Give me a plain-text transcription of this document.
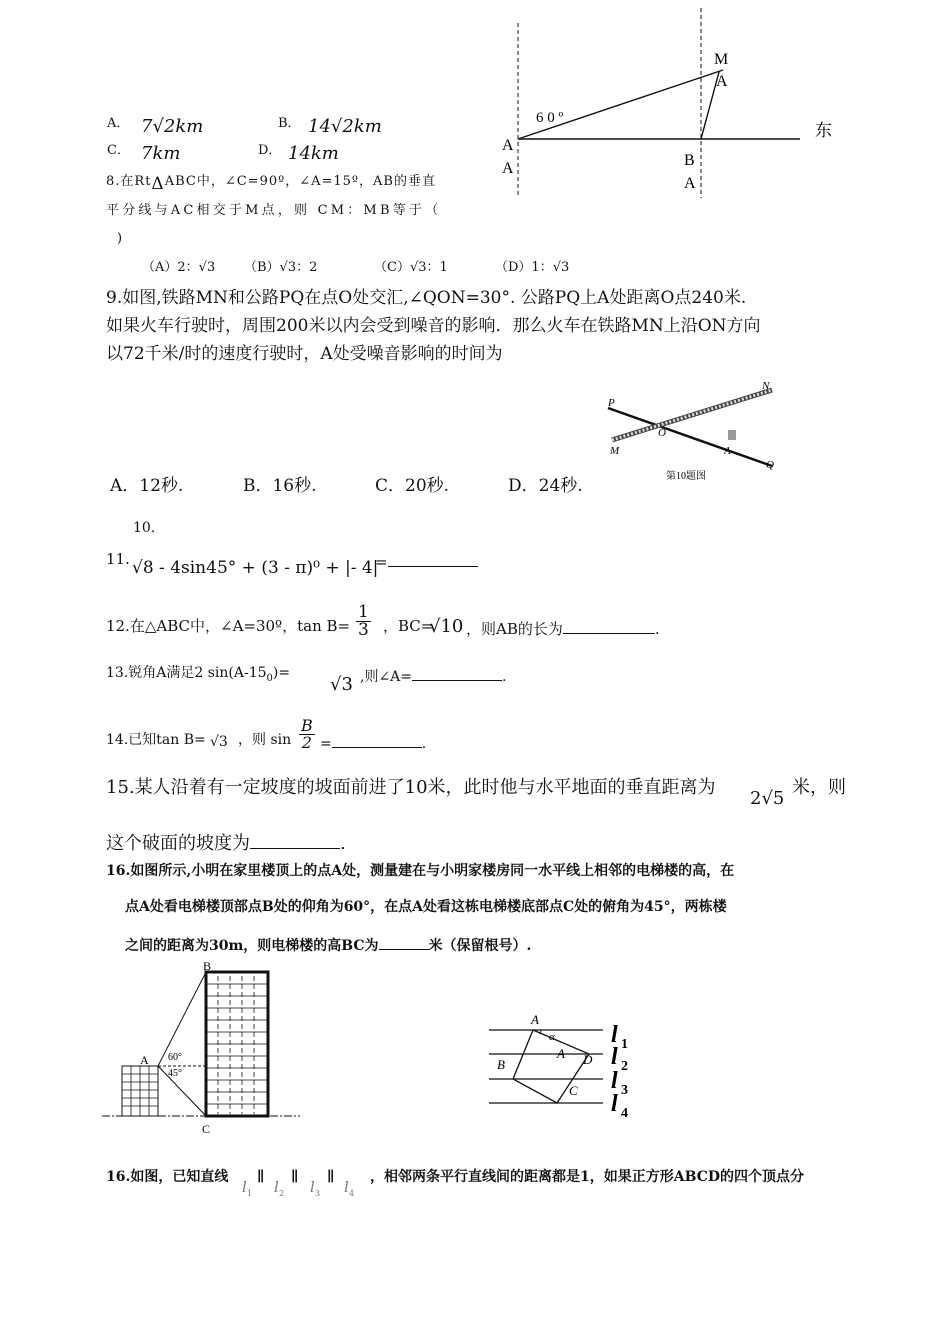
A． 7√2km	B． 14√2km
C． 7km	D． 14km
M
A
6 0 º
东
A
A	B
A
8.在RtΔABC中，∠C=90º，∠A=15º，AB的垂直
平分线与AC相交于M点，则 CM：MB等于（
)
（A）2：√3 （B）√3：2	（C）√3：1	（D）1：√3
9.如图,铁路MN和公路PQ在点O处交汇,∠QON=30°. 公路PQ上A处距离O点240米.
如果火车行驶时，周围200米以内会受到噪音的影响．那么火车在铁路MN上沿ON方向
以72千米/时的速度行驶时，A处受噪音影响的时间为
A．12秒.	B．16秒.	C．20秒.	D．24秒.
P
N
O
M	A
Q
第10题图
10.
11. √8 - 4sin45° + (3 - π)⁰ + |- 4|
=
12.在△ABC中，∠A=30º，$\tan B= \frac{1}{3}$ ，BC=
√10 ，则AB的长为	.
13.锐角A满足2 $\sin(A-15_0)=$
√3 ,则∠A=	.
14.已知tan B= √3 ，则 $\sin \frac{B}{2}$ =	.
15.某人沿着有一定坡度的坡面前进了10米，此时他与水平地面的垂直距离为
2√5
米，则
这个破面的坡度为	.
16.如图所示,小明在家里楼顶上的点A处，测量建在与小明家楼房同一水平线上相邻的电梯楼的高，在
点A处看电梯楼顶部点B处的仰角为60°，在点A处看这栋电梯楼底部点C处的俯角为45°，两栋楼
之间的距离为30m，则电梯楼的高BC为	米（保留根号）.
B
A 60°
45°
C
A
α
A D
B
C
l 1
l 2
l 3
l 4
16.如图，已知直线
l 1
∥
l 2
∥
l 3
∥
l 4
，相邻两条平行直线间的距离都是1，如果正方形ABCD的四个顶点分
